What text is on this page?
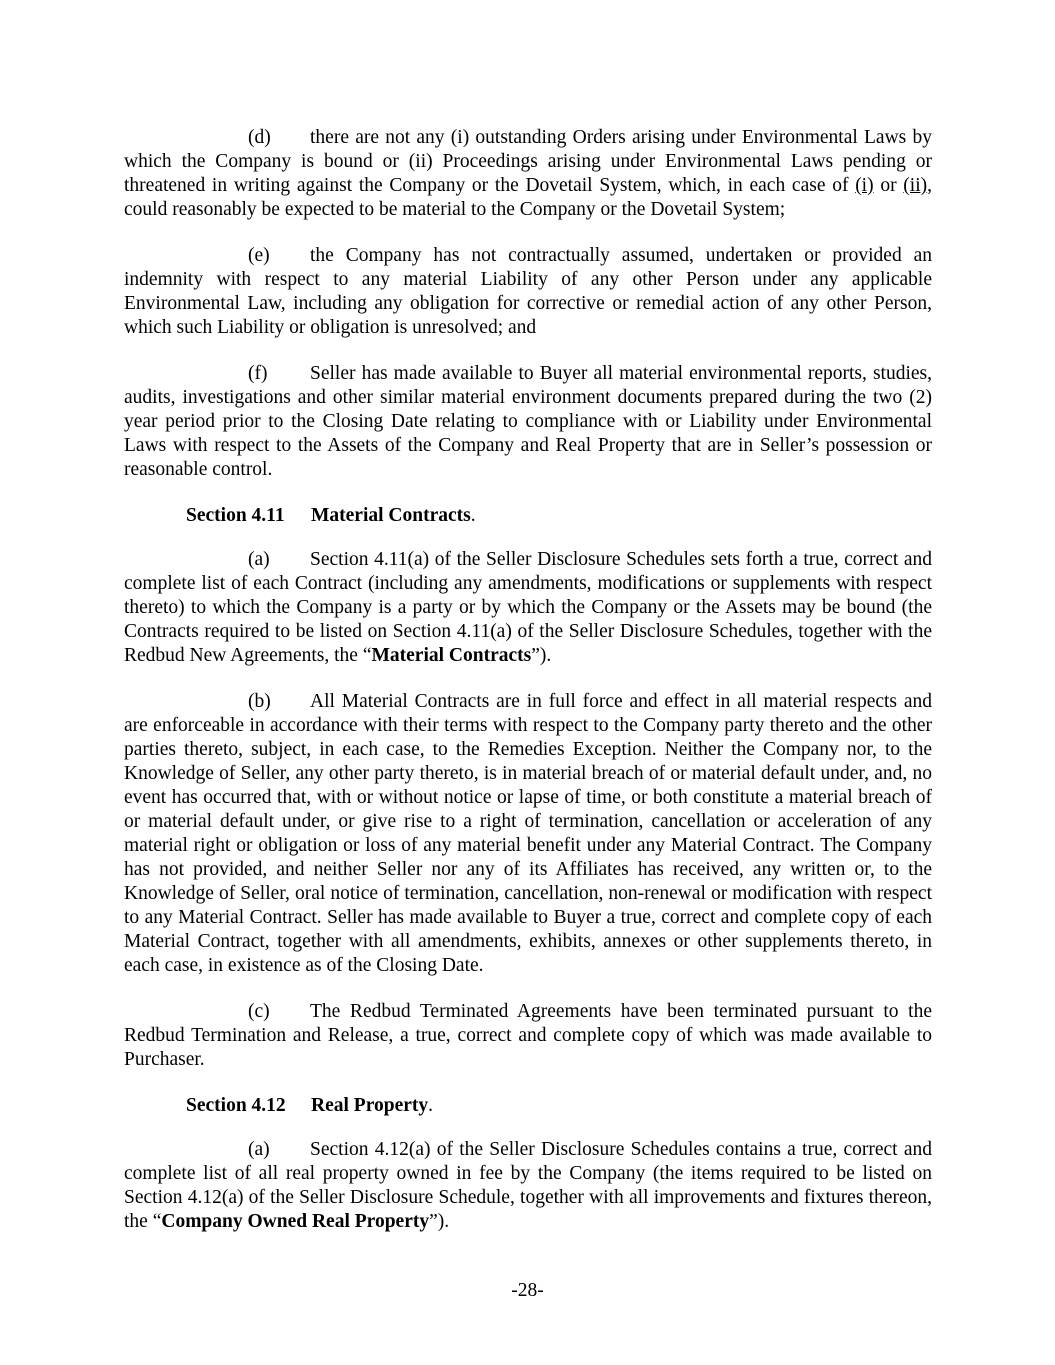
(d) there are not any (i) outstanding Orders arising under Environmental Laws by which the Company is bound or (ii) Proceedings arising under Environmental Laws pending or threatened in writing against the Company or the Dovetail System, which, in each case of (i) or (ii), could reasonably be expected to be material to the Company or the Dovetail System;

(e) the Company has not contractually assumed, undertaken or provided an indemnity with respect to any material Liability of any other Person under any applicable Environmental Law, including any obligation for corrective or remedial action of any other Person, which such Liability or obligation is unresolved; and

(f) Seller has made available to Buyer all material environmental reports, studies, audits, investigations and other similar material environment documents prepared during the two (2) year period prior to the Closing Date relating to compliance with or Liability under Environmental Laws with respect to the Assets of the Company and Real Property that are in Seller’s possession or reasonable control.

Section 4.11 Material Contracts.

(a) Section 4.11(a) of the Seller Disclosure Schedules sets forth a true, correct and complete list of each Contract (including any amendments, modifications or supplements with respect thereto) to which the Company is a party or by which the Company or the Assets may be bound (the Contracts required to be listed on Section 4.11(a) of the Seller Disclosure Schedules, together with the Redbud New Agreements, the “Material Contracts”).

(b) All Material Contracts are in full force and effect in all material respects and are enforceable in accordance with their terms with respect to the Company party thereto and the other parties thereto, subject, in each case, to the Remedies Exception. Neither the Company nor, to the Knowledge of Seller, any other party thereto, is in material breach of or material default under, and, no event has occurred that, with or without notice or lapse of time, or both constitute a material breach of or material default under, or give rise to a right of termination, cancellation or acceleration of any material right or obligation or loss of any material benefit under any Material Contract. The Company has not provided, and neither Seller nor any of its Affiliates has received, any written or, to the Knowledge of Seller, oral notice of termination, cancellation, non-renewal or modification with respect to any Material Contract. Seller has made available to Buyer a true, correct and complete copy of each Material Contract, together with all amendments, exhibits, annexes or other supplements thereto, in each case, in existence as of the Closing Date.

(c) The Redbud Terminated Agreements have been terminated pursuant to the Redbud Termination and Release, a true, correct and complete copy of which was made available to Purchaser.

Section 4.12 Real Property.

(a) Section 4.12(a) of the Seller Disclosure Schedules contains a true, correct and complete list of all real property owned in fee by the Company (the items required to be listed on Section 4.12(a) of the Seller Disclosure Schedule, together with all improvements and fixtures thereon, the “Company Owned Real Property”).

-28-
